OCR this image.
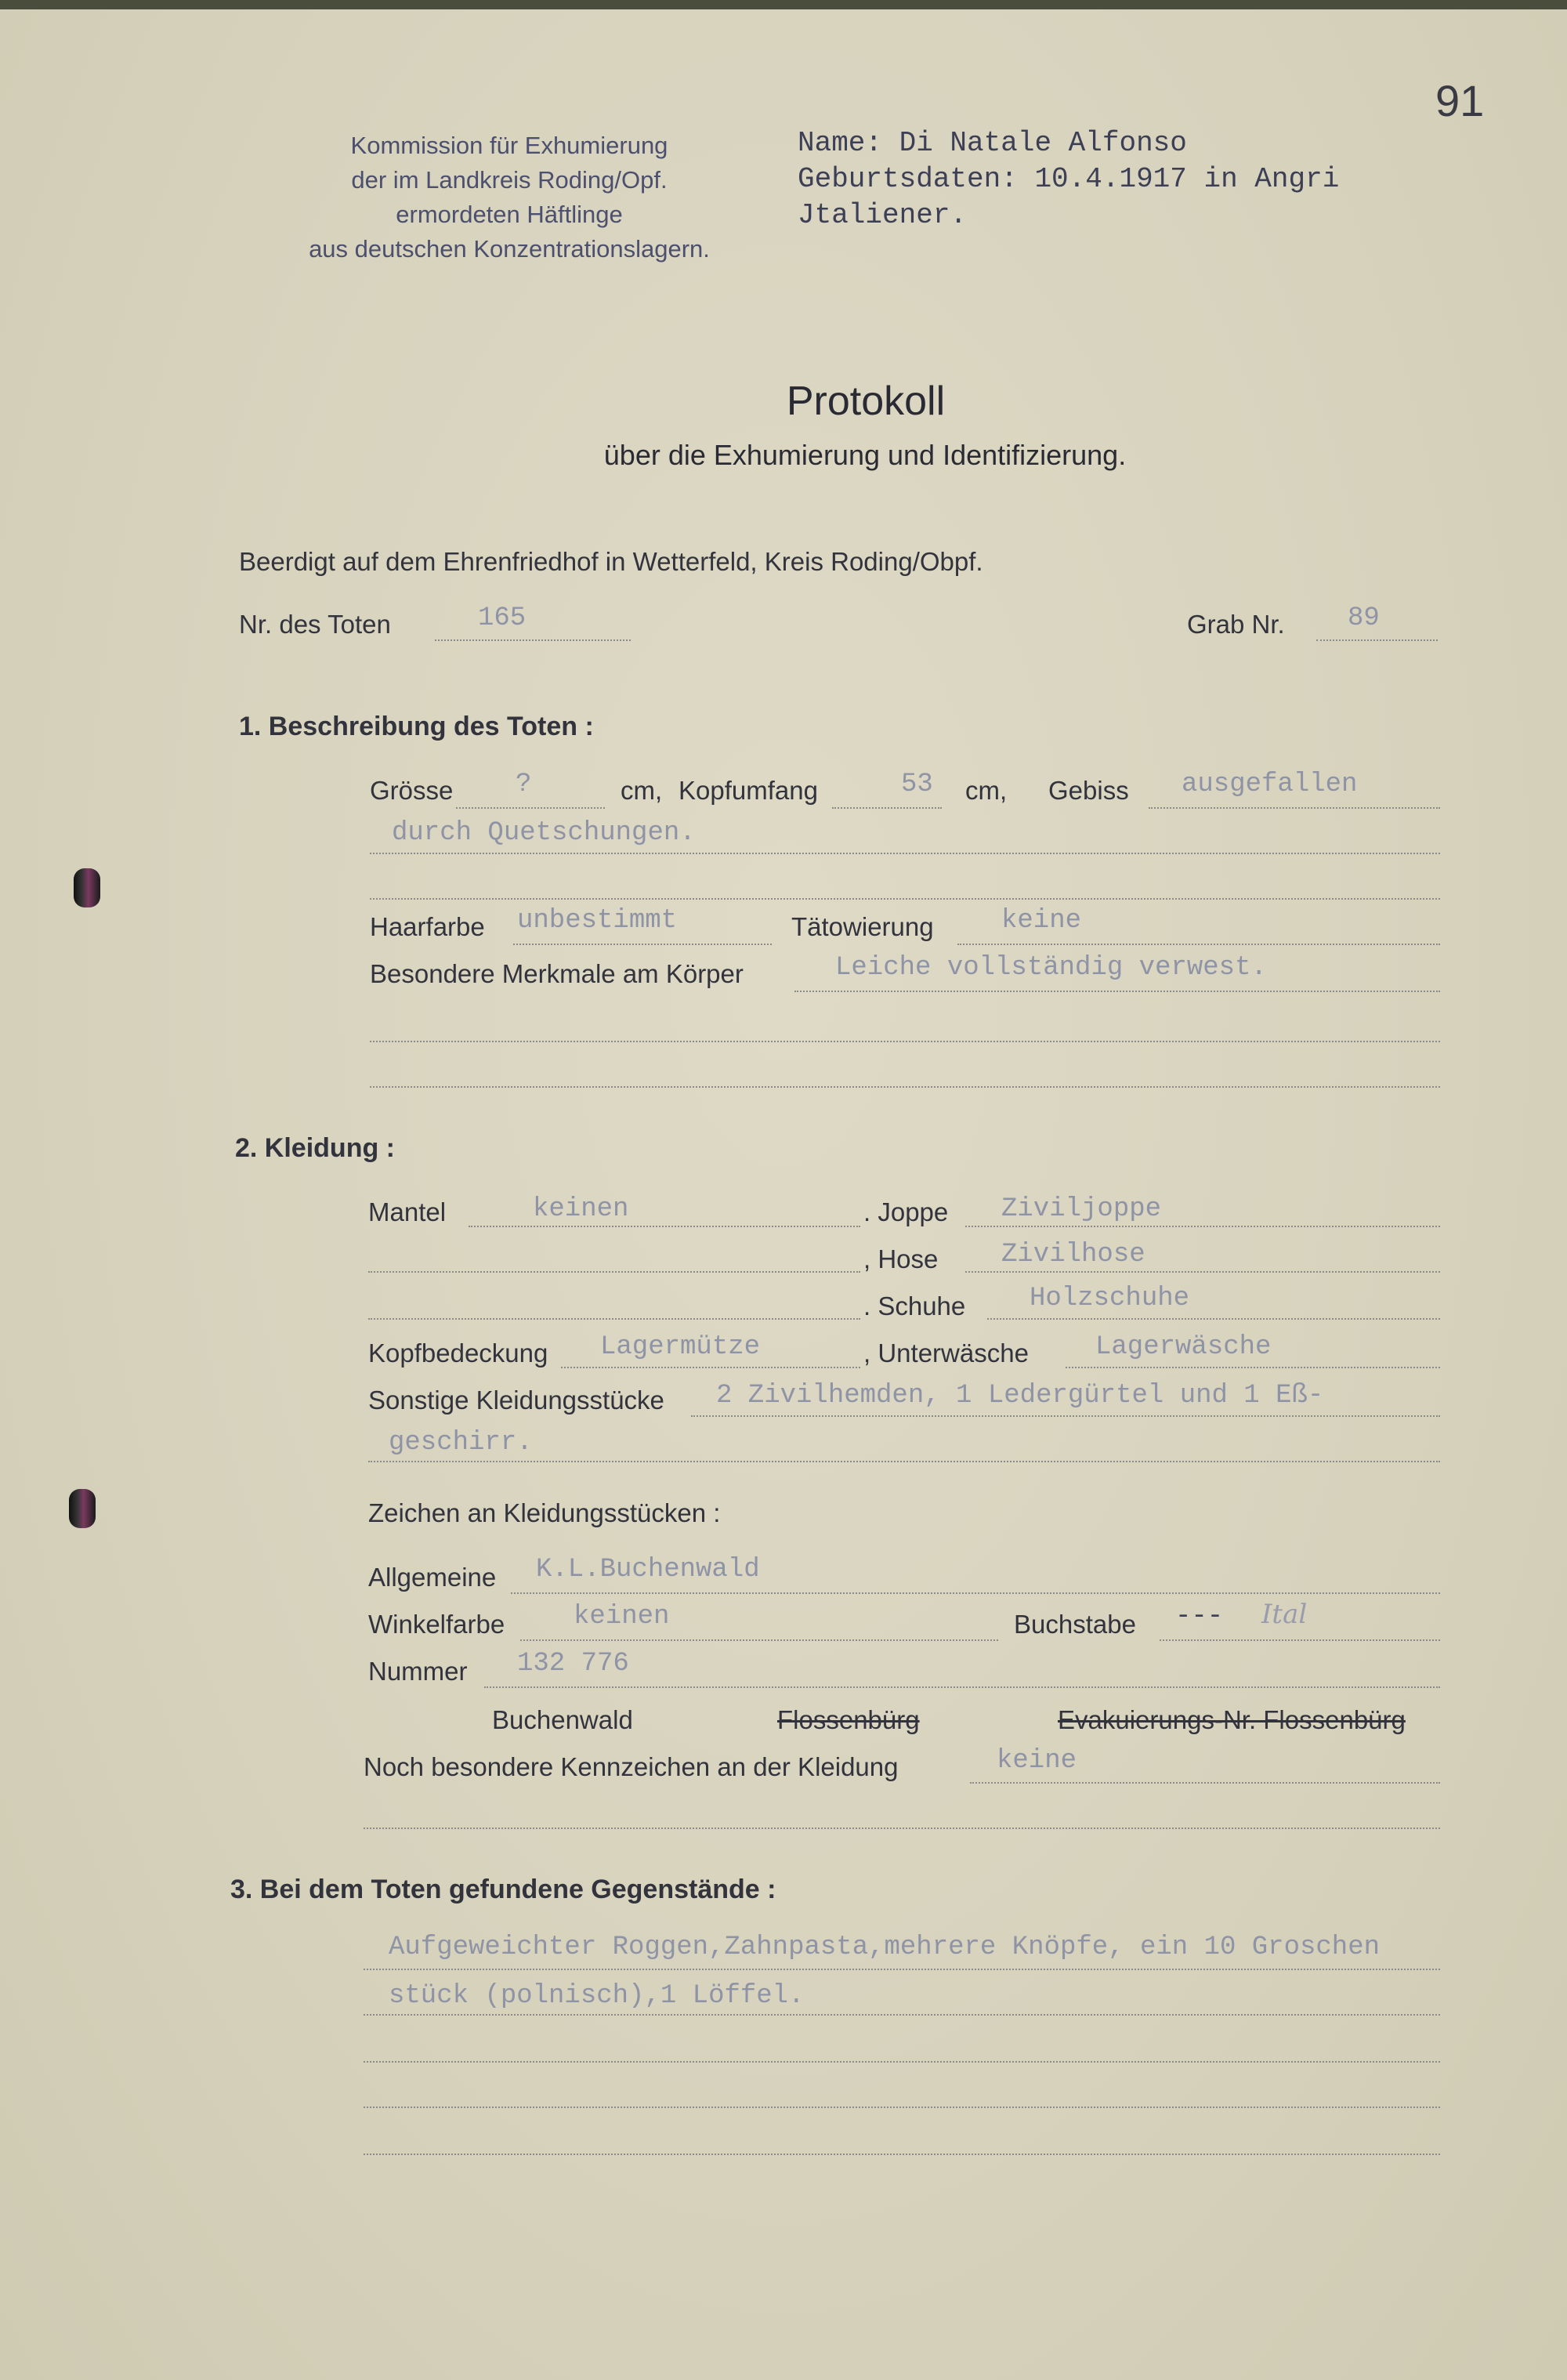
91
Kommission für Exhumierung
der im Landkreis Roding/Opf.
ermordeten Häftlinge
aus deutschen Konzentrationslagern.
Name: Di Natale Alfonso
Geburtsdaten: 10.4.1917 in Angri
Jtaliener.
Protokoll
über die Exhumierung und Identifizierung.
Beerdigt auf dem Ehrenfriedhof in Wetterfeld, Kreis Roding/Obpf.
Nr. des Toten	165	Grab Nr. 89
1. Beschreibung des Toten :
Grösse ?	cm, Kopfumfang	53 cm, Gebiss ausgefallen
durch Quetschungen.
Haarfarbe unbestimmt	Tätowierung	keine
Besondere Merkmale am Körper	Leiche vollständig verwest.
2. Kleidung :
Mantel	keinen	. Joppe Ziviljoppe
, Hose Zivilhose
. Schuhe Holzschuhe
Kopfbedeckung Lagermütze	, Unterwäsche	Lagerwäsche
Sonstige Kleidungsstücke 2 Zivilhemden, 1 Ledergürtel und 1 Eß-
geschirr.
Zeichen an Kleidungsstücken :
Allgemeine K.L.Buchenwald
Winkelfarbe	keinen	Buchstabe --- Ital
Nummer 132 776
Buchenwald	Flossenbürg	Evakuierungs-Nr. Flossenbürg
Noch besondere Kennzeichen an der Kleidung	keine
3. Bei dem Toten gefundene Gegenstände :
Aufgeweichter Roggen,Zahnpasta,mehrere Knöpfe, ein 10 Groschen
stück (polnisch),1 Löffel.
